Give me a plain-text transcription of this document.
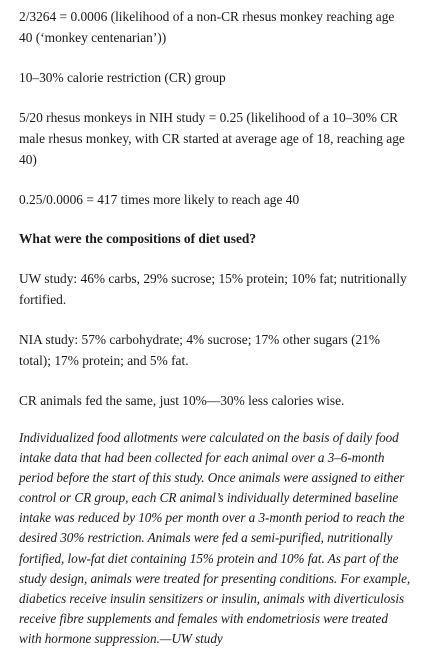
2/3264 = 0.0006 (likelihood of a non-CR rhesus monkey reaching age 40 (‘monkey centenarian’))

10–30% calorie restriction (CR) group

5/20 rhesus monkeys in NIH study = 0.25 (likelihood of a 10–30% CR male rhesus monkey, with CR started at average age of 18, reaching age 40)

0.25/0.0006 = 417 times more likely to reach age 40

What were the compositions of diet used?

UW study: 46% carbs, 29% sucrose; 15% protein; 10% fat; nutritionally fortified.

NIA study: 57% carbohydrate; 4% sucrose; 17% other sugars (21% total); 17% protein; and 5% fat.

CR animals fed the same, just 10%—30% less calories wise.

Individualized food allotments were calculated on the basis of daily food intake data that had been collected for each animal over a 3–6-month period before the start of this study. Once animals were assigned to either control or CR group, each CR animal’s individually determined baseline intake was reduced by 10% per month over a 3-month period to reach the desired 30% restriction. Animals were fed a semi-purified, nutritionally fortified, low-fat diet containing 15% protein and 10% fat. As part of the study design, animals were treated for presenting conditions. For example, diabetics receive insulin sensitizers or insulin, animals with diverticulosis receive fibre supplements and females with endometriosis were treated with hormone suppression.—UW study
